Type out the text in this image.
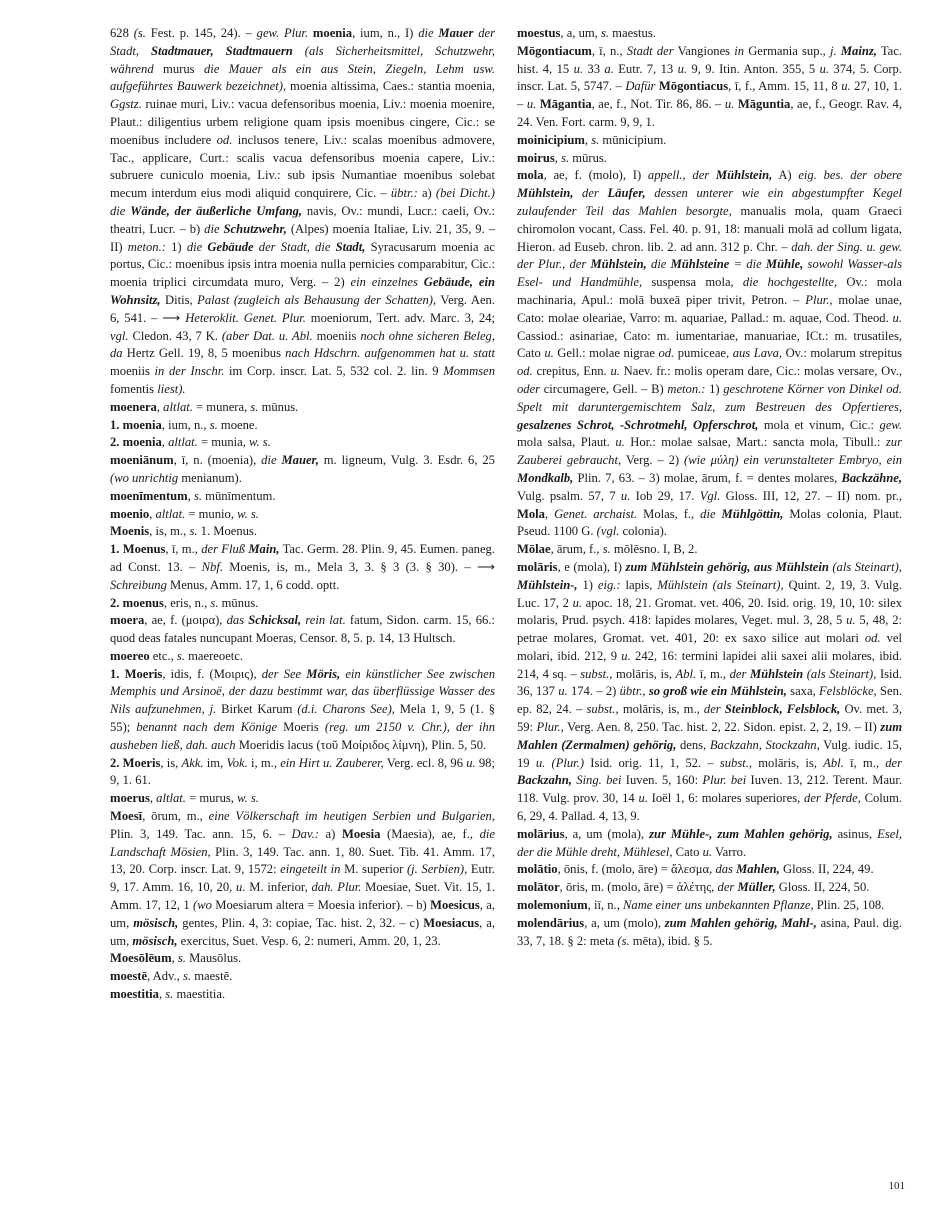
628 (s. Fest. p. 145, 24). – gew. Plur. moenia, ium, n., I) die Mauer der Stadt, Stadtmauer, Stadtmauern (als Sicherheitsmittel, Schutzwehr, während murus die Mauer als ein aus Stein, Ziegeln, Lehm usw. aufgeführtes Bauwerk bezeichnet), moenia altissima, Caes.: stantia moenia, Ggstz. ruinae muri, Liv.: vacua defensoribus moenia, Liv.: moenia moenire, Plaut.: diligentius urbem religione quam ipsis moenibus cingere, Cic.: se moenibus includere od. inclusos tenere, Liv.: scalas moenibus admovere, Tac., applicare, Curt.: scalis vacua defensoribus moenia capere, Liv.: subruere cuniculo moenia, Liv.: sub ipsis Numantiae moenibus solebat mecum interdum eius modi aliquid conquirere, Cic. – übtr.: a) (bei Dicht.) die Wände, der äußerliche Umfang, navis, Ov.: mundi, Lucr.: caeli, Ov.: theatri, Lucr. – b) die Schutzwehr, (Alpes) moenia Italiae, Liv. 21, 35, 9. – II) meton.: 1) die Gebäude der Stadt, die Stadt, Syracusarum moenia ac portus, Cic.: moenibus ipsis intra moenia nulla pernicies comparabitur, Cic.: moenia triplici circumdata muro, Verg. – 2) ein einzelnes Gebäude, ein Wohnsitz, Ditis, Palast (zugleich als Behausung der Schatten), Verg. Aen. 6, 541. – ⟶ Heteroklit. Genet. Plur. moeniorum, Tert. adv. Marc. 3, 24; vgl. Cledon. 43, 7 K. (aber Dat. u. Abl. moeniis noch ohne sicheren Beleg, da Hertz Gell. 19, 8, 5 moenibus nach Hdschrn. aufgenommen hat u. statt moeniis in der Inschr. im Corp. inscr. Lat. 5, 532 col. 2. lin. 9 Mommsen fomentis liest).

moenera, altlat. = munera, s. mūnus.

1. moenia, ium, n., s. moene.

2. moenia, altlat. = munia, w. s.

moeniānum, ī, n. (moenia), die Mauer, m. ligneum, Vulg. 3. Esdr. 6, 25 (wo unrichtig menianum).

moenīmentum, s. mūnīmentum.

moenio, altlat. = munio, w. s.

Moenis, is, m., s. 1. Moenus.

1. Moenus, ī, m., der Fluß Main, Tac. Germ. 28. Plin. 9, 45. Eumen. paneg. ad Const. 13. – Nbf. Moenis, is, m., Mela 3, 3. § 3 (3. § 30). – ⟶ Schreibung Menus, Amm. 17, 1, 6 codd. optt.

2. moenus, eris, n., s. mūnus.

moera, ae, f. (μοιρα), das Schicksal, rein lat. fatum, Sidon. carm. 15, 66.: quod deas fatales nuncupant Moeras, Censor. 8, 5. p. 14, 13 Hultsch.

moereo etc., s. maereoetc.

1. Moeris, idis, f. (Μοιρις), der See Möris, ein künstlicher See zwischen Memphis und Arsinoë, der dazu bestimmt war, das überflüssige Wasser des Nils aufzunehmen, j. Birket Karum (d.i. Charons See), Mela 1, 9, 5 (1. § 55); benannt nach dem Könige Moeris (reg. um 2150 v. Chr.), der ihn ausheben ließ, dah. auch Moeridis lacus (τοῦ Μοίριδος λίμνη), Plin. 5, 50.

2. Moeris, is, Akk. im, Vok. i, m., ein Hirt u. Zauberer, Verg. ecl. 8, 96 u. 98; 9, 1. 61.

moerus, altlat. = murus, w. s.

Moesī, ōrum, m., eine Völkerschaft im heutigen Serbien und Bulgarien, Plin. 3, 149. Tac. ann. 15, 6. – Dav.: a) Moesia (Maesia), ae, f., die Landschaft Mösien, Plin. 3, 149. Tac. ann. 1, 80. Suet. Tib. 41. Amm. 17, 13, 20. Corp. inscr. Lat. 9, 1572: eingeteilt in M. superior (j. Serbien), Eutr. 9, 17. Amm. 16, 10, 20, u. M. inferior, dah. Plur. Moesiae, Suet. Vit. 15, 1. Amm. 17, 12, 1 (wo Moesiarum altera = Moesia inferior). – b) Moesicus, a, um, mösisch, gentes, Plin. 4, 3: copiae, Tac. hist. 2, 32. – c) Moesiacus, a, um, mösisch, exercitus, Suet. Vesp. 6, 2: numeri, Amm. 20, 1, 23.

Moesōlēum, s. Mausōlus.

moestē, Adv., s. maestē.

moestitia, s. maestitia.

moestus, a, um, s. maestus.

Mōgontiacum, ī, n., Stadt der Vangiones in Germania sup., j. Mainz, Tac. hist. 4, 15 u. 33 a. Eutr. 7, 13 u. 9, 9. Itin. Anton. 355, 5 u. 374, 5. Corp. inscr. Lat. 5, 5747. – Dafür Mōgontiacus, ī, f., Amm. 15, 11, 8 u. 27, 10, 1. – u. Māgantia, ae, f., Not. Tir. 86, 86. – u. Māguntia, ae, f., Geogr. Rav. 4, 24. Ven. Fort. carm. 9, 9, 1.

moinicipium, s. mūnicipium.

moirus, s. mūrus.

mola, ae, f. (molo), I) appell., der Mühlstein, A) eig. bes. der obere Mühlstein, der Läufer, dessen unterer wie ein abgestumpfter Kegel zulaufender Teil das Mahlen besorgte, manualis mola, quam Graeci chiromolon vocant, Cass. Fel. 40. p. 91, 18: manuali molā ad collum ligata, Hieron. ad Euseb. chron. lib. 2. ad ann. 312 p. Chr. – dah. der Sing. u. gew. der Plur., der Mühlstein, die Mühlsteine = die Mühle, sowohl Wasser-als Esel- und Handmühle, suspensa mola, die hochgestellte, Ov.: mola machinaria, Apul.: molā buxeā piper trivit, Petron. – Plur., molae unae, Cato: molae oleariae, Varro: m. aquariae, Pallad.: m. aquae, Cod. Theod. u. Cassiod.: asinariae, Cato: m. iumentariae, manuariae, ICt.: m. trusatiles, Cato u. Gell.: molae nigrae od. pumiceae, aus Lava, Ov.: molarum strepitus od. crepitus, Enn. u. Naev. fr.: molis operam dare, Cic.: molas versare, Ov., oder circumagere, Gell. – B) meton.: 1) geschrotene Körner von Dinkel od. Spelt mit daruntergemischtem Salz, zum Bestreuen des Opfertieres, gesalzenes Schrot, -Schrotmehl, Opferschrot, mola et vinum, Cic.: gew. mola salsa, Plaut. u. Hor.: molae salsae, Mart.: sancta mola, Tibull.: zur Zauberei gebraucht, Verg. – 2) (wie μύλη) ein verunstalteter Embryo, ein Mondkalb, Plin. 7, 63. – 3) molae, ārum, f. = dentes molares, Backzähne, Vulg. psalm. 57, 7 u. Iob 29, 17. Vgl. Gloss. III, 12, 27. – II) nom. pr., Mola, Genet. archaist. Molas, f., die Mühlgöttin, Molas colonia, Plaut. Pseud. 1100 G. (vgl. colonia).

Mōlae, ārum, f., s. mōlēsno. I, B, 2.

molāris, e (mola), I) zum Mühlstein gehörig, aus Mühlstein (als Steinart), Mühlstein-, 1) eig.: lapis, Mühlstein (als Steinart), Quint. 2, 19, 3. Vulg. Luc. 17, 2 u. apoc. 18, 21. Gromat. vet. 406, 20. Isid. orig. 19, 10, 10: silex molaris, Prud. psych. 418: lapides molares, Veget. mul. 3, 28, 5 u. 5, 48, 2: petrae molares, Gromat. vet. 401, 20: ex saxo silice aut molari od. vel molari, ibid. 212, 9 u. 242, 16: termini lapidei alii saxei alii molares, ibid. 214, 4 sq. – subst., molāris, is, Abl. ī, m., der Mühlstein (als Steinart), Isid. 36, 137 u. 174. – 2) übtr., so groß wie ein Mühlstein, saxa, Felsblöcke, Sen. ep. 82, 24. – subst., molāris, is, m., der Steinblock, Felsblock, Ov. met. 3, 59: Plur., Verg. Aen. 8, 250. Tac. hist. 2, 22. Sidon. epist. 2, 2, 19. – II) zum Mahlen (Zermalmen) gehörig, dens, Backzahn, Stockzahn, Vulg. iudic. 15, 19 u. (Plur.) Isid. orig. 11, 1, 52. – subst., molāris, is, Abl. ī, m., der Backzahn, Sing. bei Iuven. 5, 160: Plur. bei Iuven. 13, 212. Terent. Maur. 118. Vulg. prov. 30, 14 u. Ioël 1, 6: molares superiores, der Pferde, Colum. 6, 29, 4. Pallad. 4, 13, 9.

molārius, a, um (mola), zur Mühle-, zum Mahlen gehörig, asinus, Esel, der die Mühle dreht, Mühlesel, Cato u. Varro.

molātio, ōnis, f. (molo, āre) = ἄλεσμα, das Mahlen, Gloss. II, 224, 49.

molātor, ōris, m. (molo, āre) = ἀλέτης, der Müller, Gloss. II, 224, 50.

molemonium, iī, n., Name einer uns unbekannten Pflanze, Plin. 25, 108.

molendārius, a, um (molo), zum Mahlen gehörig, Mahl-, asina, Paul. dig. 33, 7, 18. § 2: meta (s. mēta), ibid. § 5.

101
